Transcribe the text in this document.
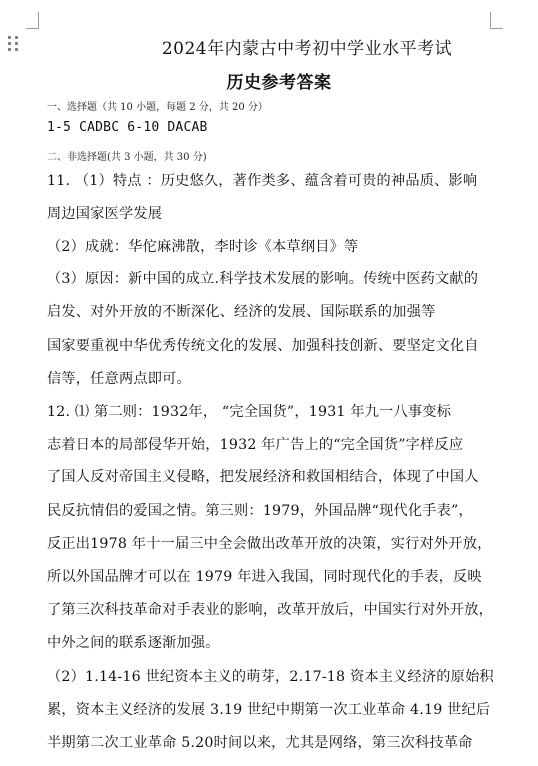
2024年内蒙古中考初中学业水平考试
历史参考答案
一、选择题（共 10 小题，每题 2 分，共 20 分）
1-5 CADBC 6-10 DACAB
二、非选择题(共 3 小题，共 30 分)
11. （1）特点 ：历史悠久，著作类多、蕴含着可贵的神品质、影响
周边国家医学发展
（2）成就：华佗麻沸散，李时诊《本草纲目》等
（3）原因：新中国的成立.科学技术发展的影响。传统中医药文献的
启发、对外开放的不断深化、经济的发展、国际联系的加强等
国家要重视中华优秀传统文化的发展、加强科技创新、要坚定文化自
信等，任意两点即可。
12. ⑴ 第二则：1932年， “完全国货”，1931 年九一八事变标
志着日本的局部侵华开始，1932 年广告上的“完全国货”字样反应
了国人反对帝国主义侵略，把发展经济和救国相结合，体现了中国人
民反抗情侣的爱国之情。第三则：1979，外国品牌“现代化手表”，
反正出1978 年十一届三中全会做出改革开放的决策，实行对外开放，
所以外国品牌才可以在 1979 年进入我国，同时现代化的手表，反映
了第三次科技革命对手表业的影响，改革开放后，中国实行对外开放，
中外之间的联系逐渐加强。
（2）1.14-16 世纪资本主义的萌芽，2.17-18 资本主义经济的原始积
累，资本主义经济的发展 3.19 世纪中期第一次工业革命 4.19 世纪后
半期第二次工业革命 5.20时间以来，尤其是网络，第三次科技革命
